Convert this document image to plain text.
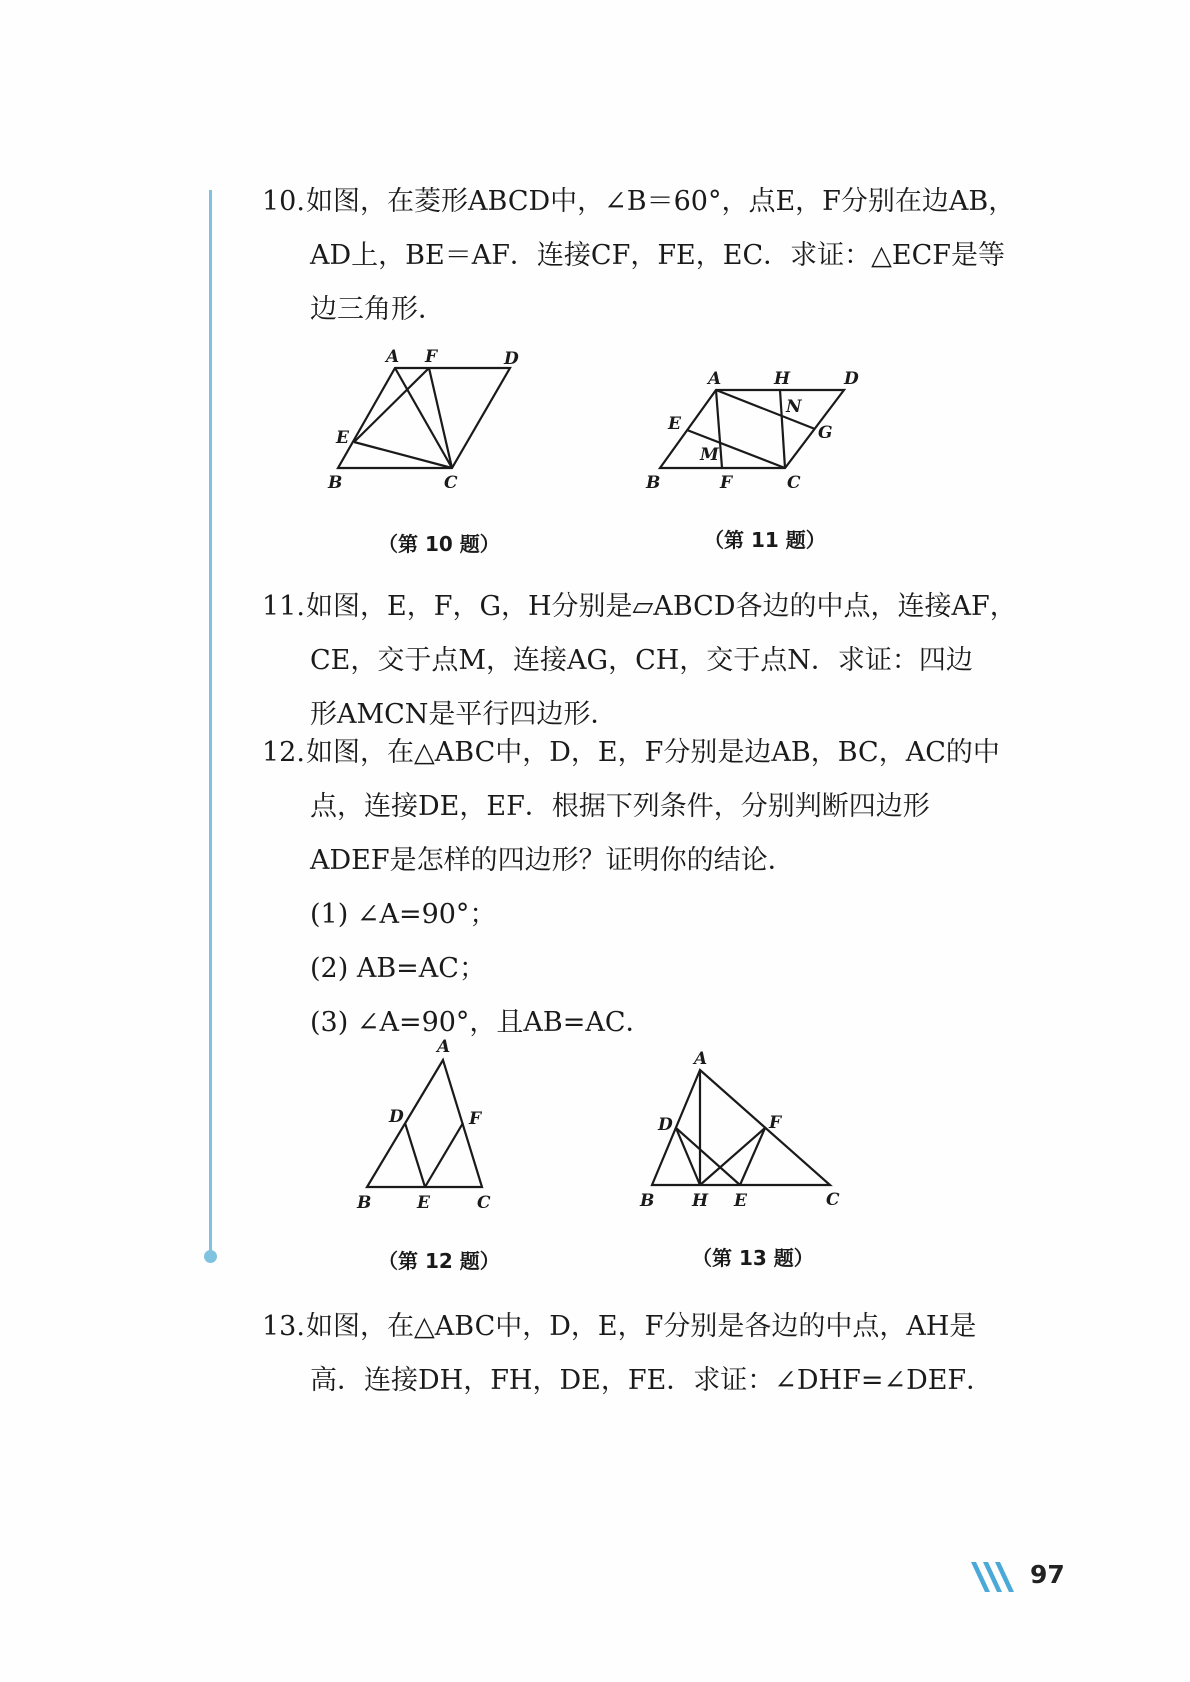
10.如图，在菱形ABCD中，∠B＝60°，点E，F分别在边AB，
AD上，BE＝AF．连接CF，FE，EC．求证：△ECF是等
边三角形．
A F	D
E
B	C
（第 10 题）
A	H	D
N
G
E
M
B	F	C
（第 11 题）
11.如图，E，F，G，H分别是▱ABCD各边的中点，连接AF，
CE，交于点M，连接AG，CH，交于点N．求证：四边
形AMCN是平行四边形．
12.如图，在△ABC中，D，E，F分别是边AB，BC，AC的中
点，连接DE，EF．根据下列条件，分别判断四边形
ADEF是怎样的四边形？证明你的结论．
(1) ∠A=90°；
(2) AB=AC；
(3) ∠A=90°，且AB=AC．
A
D	F
B	E	C
（第 12 题）
A
D	F
B H E	C
（第 13 题）
13.如图，在△ABC中，D，E，F分别是各边的中点，AH是
高．连接DH，FH，DE，FE．求证：∠DHF=∠DEF．
97
